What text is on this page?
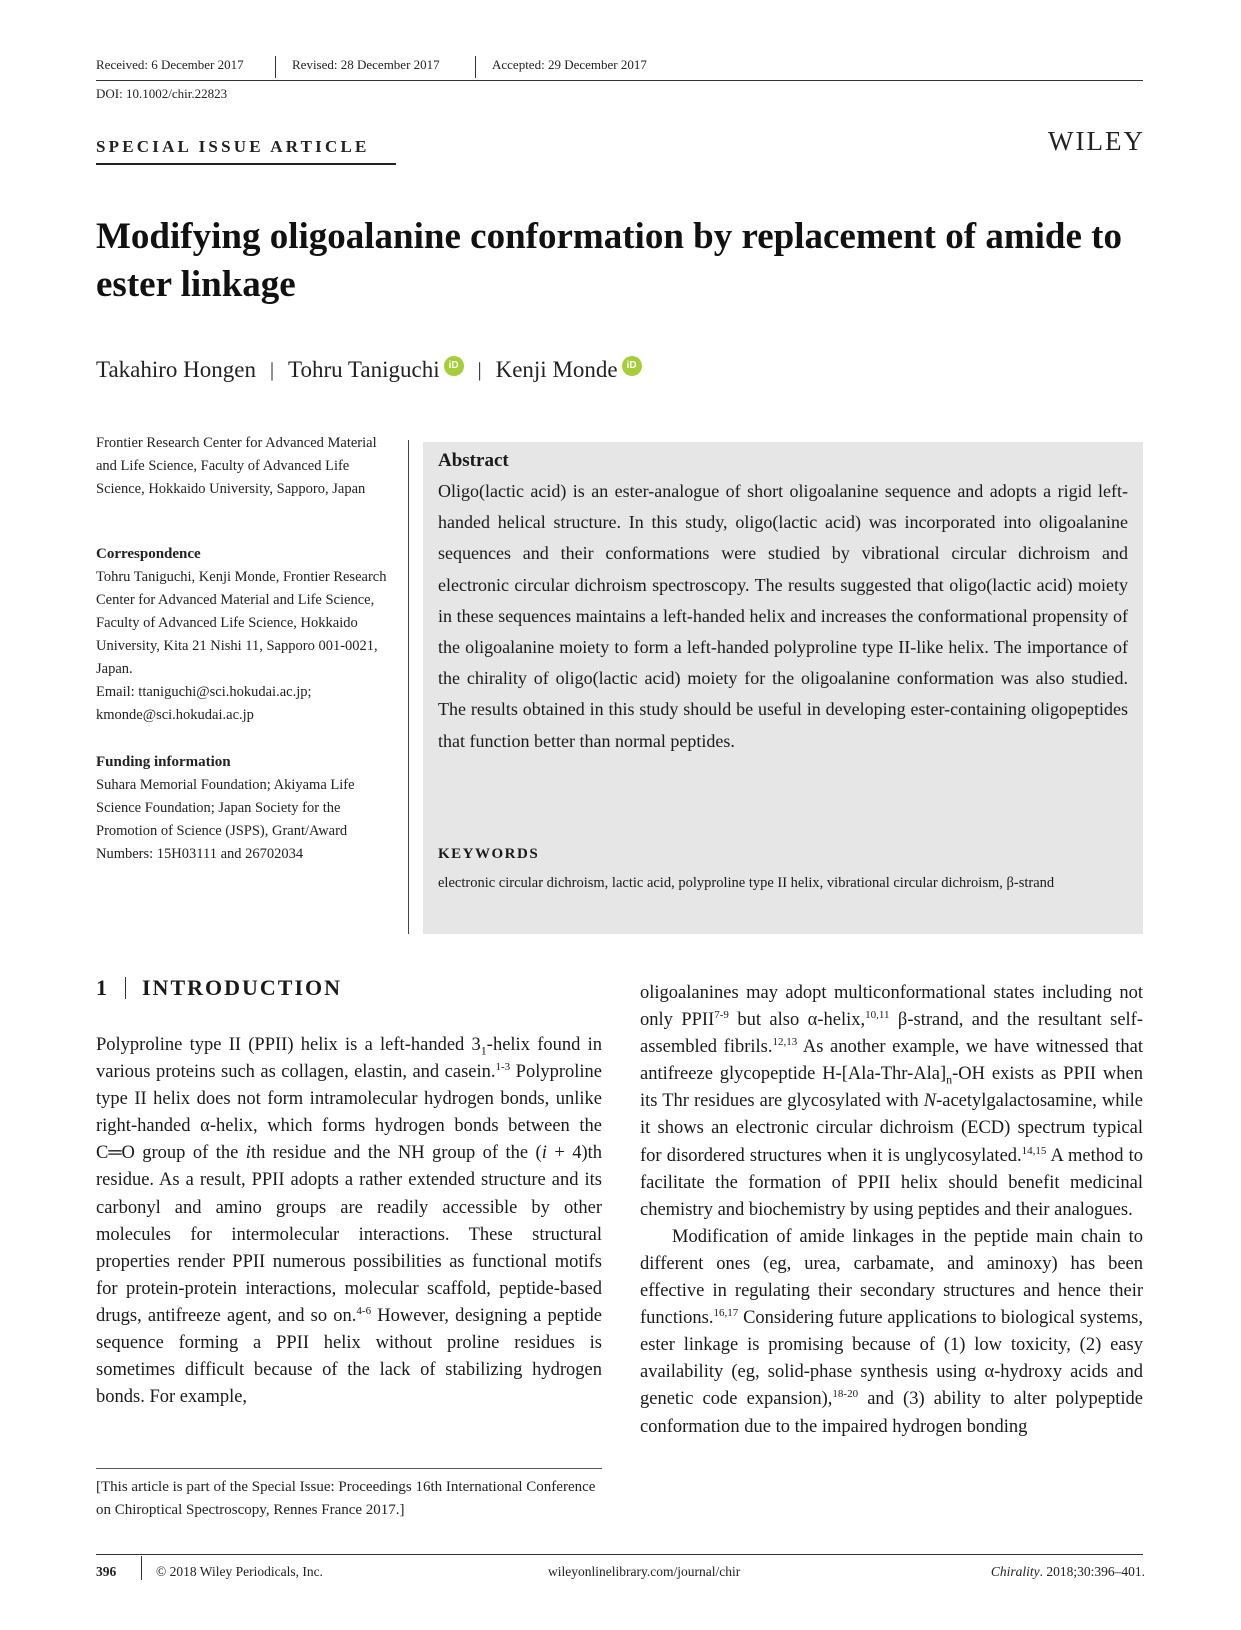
Received: 6 December 2017	Revised: 28 December 2017	Accepted: 29 December 2017
DOI: 10.1002/chir.22823
SPECIAL ISSUE ARTICLE	WILEY
Modifying oligoalanine conformation by replacement of amide to ester linkage
Takahiro Hongen | Tohru Taniguchi iD | Kenji Monde iD

Frontier Research Center for Advanced Material and Life Science, Faculty of Advanced Life Science, Hokkaido University, Sapporo, Japan

Correspondence

Tohru Taniguchi, Kenji Monde, Frontier Research Center for Advanced Material and Life Science, Faculty of Advanced Life Science, Hokkaido University, Kita 21 Nishi 11, Sapporo 001-0021, Japan.

Email: ttaniguchi@sci.hokudai.ac.jp;

kmonde@sci.hokudai.ac.jp

Funding information

Suhara Memorial Foundation; Akiyama Life Science Foundation; Japan Society for the Promotion of Science (JSPS), Grant/Award Numbers: 15H03111 and 26702034

Abstract
Oligo(lactic acid) is an ester-analogue of short oligoalanine sequence and adopts a rigid left-handed helical structure. In this study, oligo(lactic acid) was incorporated into oligoalanine sequences and their conformations were studied by vibrational circular dichroism and electronic circular dichroism spectroscopy. The results suggested that oligo(lactic acid) moiety in these sequences maintains a left-handed helix and increases the conformational propensity of the oligoalanine moiety to form a left-handed polyproline type II-like helix. The importance of the chirality of oligo(lactic acid) moiety for the oligoalanine conformation was also studied. The results obtained in this study should be useful in developing ester-containing oligopeptides that function better than normal peptides.
KEYWORDS
electronic circular dichroism, lactic acid, polyproline type II helix, vibrational circular dichroism, β-strand
1 INTRODUCTION

Polyproline type II (PPII) helix is a left-handed $3_1$-helix found in various proteins such as collagen, elastin, and casein.$^{1-3}$ Polyproline type II helix does not form intramolecular hydrogen bonds, unlike right-handed α-helix, which forms hydrogen bonds between the C═O group of the ith residue and the NH group of the (i + 4)th residue. As a result, PPII adopts a rather extended structure and its carbonyl and amino groups are readily accessible by other molecules for intermolecular interactions. These structural properties render PPII numerous possibilities as functional motifs for protein-protein interactions, molecular scaffold, peptide-based drugs, antifreeze agent, and so on.$^{4-6}$ However, designing a peptide sequence forming a PPII helix without proline residues is sometimes difficult because of the lack of stabilizing hydrogen bonds. For example,

[This article is part of the Special Issue: Proceedings 16th International Conference on Chiroptical Spectroscopy, Rennes France 2017.]

oligoalanines may adopt multiconformational states including not only PPII$^{7-9}$ but also α-helix,$^{10,11}$ β-strand, and the resultant self-assembled fibrils.$^{12,13}$ As another example, we have witnessed that antifreeze glycopeptide $H-[Ala-Thr-Ala]_n-OH$ exists as PPII when its Thr residues are glycosylated with N-acetylgalactosamine, while it shows an electronic circular dichroism (ECD) spectrum typical for disordered structures when it is unglycosylated.$^{14,15}$ A method to facilitate the formation of PPII helix should benefit medicinal chemistry and biochemistry by using peptides and their analogues.

Modification of amide linkages in the peptide main chain to different ones (eg, urea, carbamate, and aminoxy) has been effective in regulating their secondary structures and hence their functions.$^{16,17}$ Considering future applications to biological systems, ester linkage is promising because of (1) low toxicity, (2) easy availability (eg, solid-phase synthesis using α-hydroxy acids and genetic code expansion),$^{18-20}$ and (3) ability to alter polypeptide conformation due to the impaired hydrogen bonding

396	© 2018 Wiley Periodicals, Inc.	wileyonlinelibrary.com/journal/chir	Chirality. 2018;30:396–401.
